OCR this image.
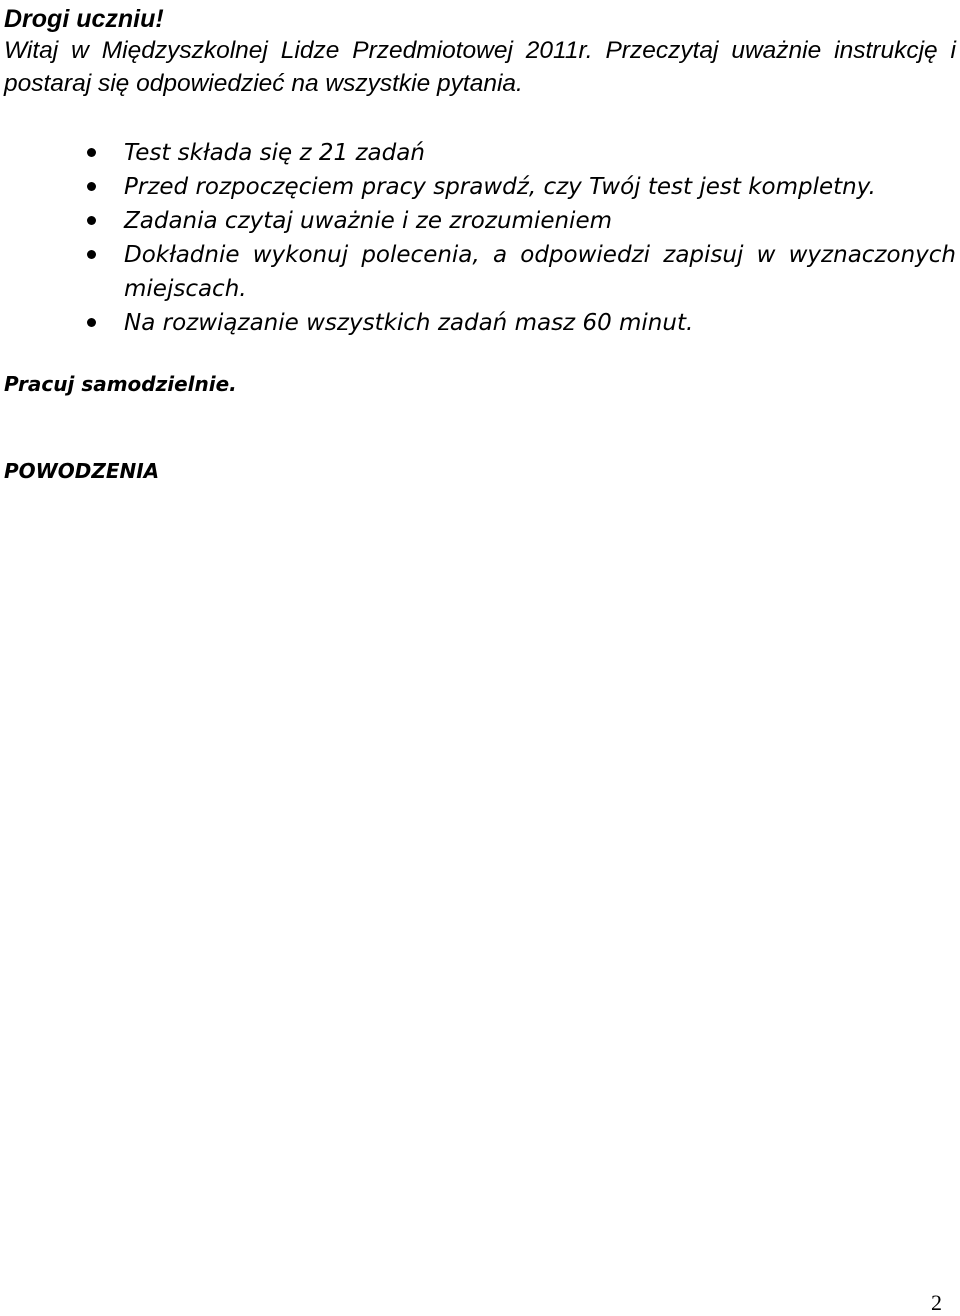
Drogi uczniu!

Witaj w Międzyszkolnej Lidze Przedmiotowej 2011r. Przeczytaj uważnie instrukcję i postaraj się odpowiedzieć na wszystkie pytania.

Test składa się z 21 zadań
Przed rozpoczęciem pracy sprawdź, czy Twój test jest kompletny.
Zadania czytaj uważnie i ze zrozumieniem
Dokładnie wykonuj polecenia, a odpowiedzi zapisuj w wyznaczonych miejscach.
Na rozwiązanie wszystkich zadań masz 60 minut.

Pracuj samodzielnie.

POWODZENIA

2
